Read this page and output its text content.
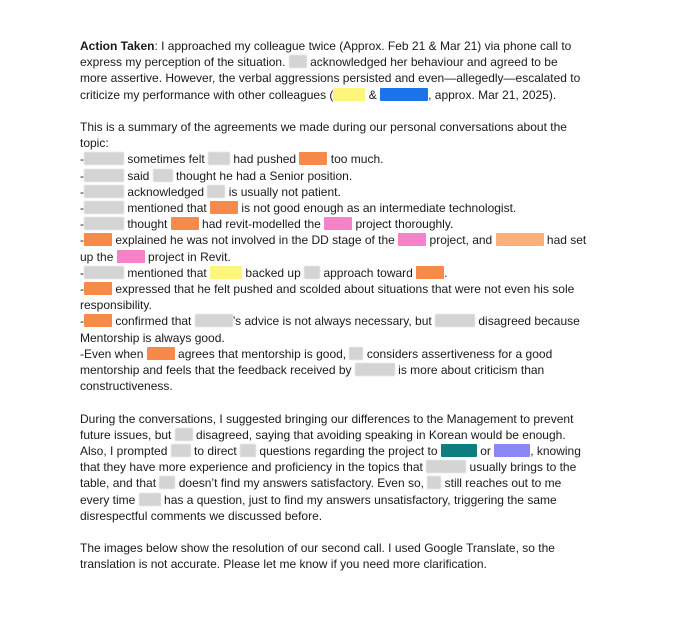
Action Taken: I approached my colleague twice (Approx. Feb 21 & Mar 21) via phone call to

express my perception of the situation.  acknowledged her behaviour and agreed to be

more assertive. However, the verbal aggressions persisted and even—allegedly—escalated to

criticize my performance with other colleagues (	&	, approx. Mar 21, 2025).

This is a summary of the agreements we made during our personal conversations about the

topic:

-	sometimes felt  had pushed  too much.

-	said  thought he had a Senior position.

-	acknowledged  is usually not patient.

-	mentioned that  is not good enough as an intermediate technologist.

-	thought  had revit-modelled the  project thoroughly.

- explained he was not involved in the DD stage of the  project, and	had set

up the  project in Revit.

-	mentioned that	backed up  approach toward .

- expressed that he felt pushed and scolded about situations that were not even his sole

responsibility.

- confirmed that	’s advice is not always necessary, but	disagreed because

Mentorship is always good.

-Even when  agrees that mentorship is good,  considers assertiveness for a good

mentorship and feels that the feedback received by	is more about criticism than

constructiveness.

During the conversations, I suggested bringing our differences to the Management to prevent

future issues, but  disagreed, saying that avoiding speaking in Korean would be enough.

Also, I prompted  to direct  questions regarding the project to	or	, knowing

that they have more experience and proficiency in the topics that	usually brings to the

table, and that  doesn’t find my answers satisfactory. Even so,  still reaches out to me

every time  has a question, just to find my answers unsatisfactory, triggering the same

disrespectful comments we discussed before.

The images below show the resolution of our second call. I used Google Translate, so the

translation is not accurate. Please let me know if you need more clarification.
